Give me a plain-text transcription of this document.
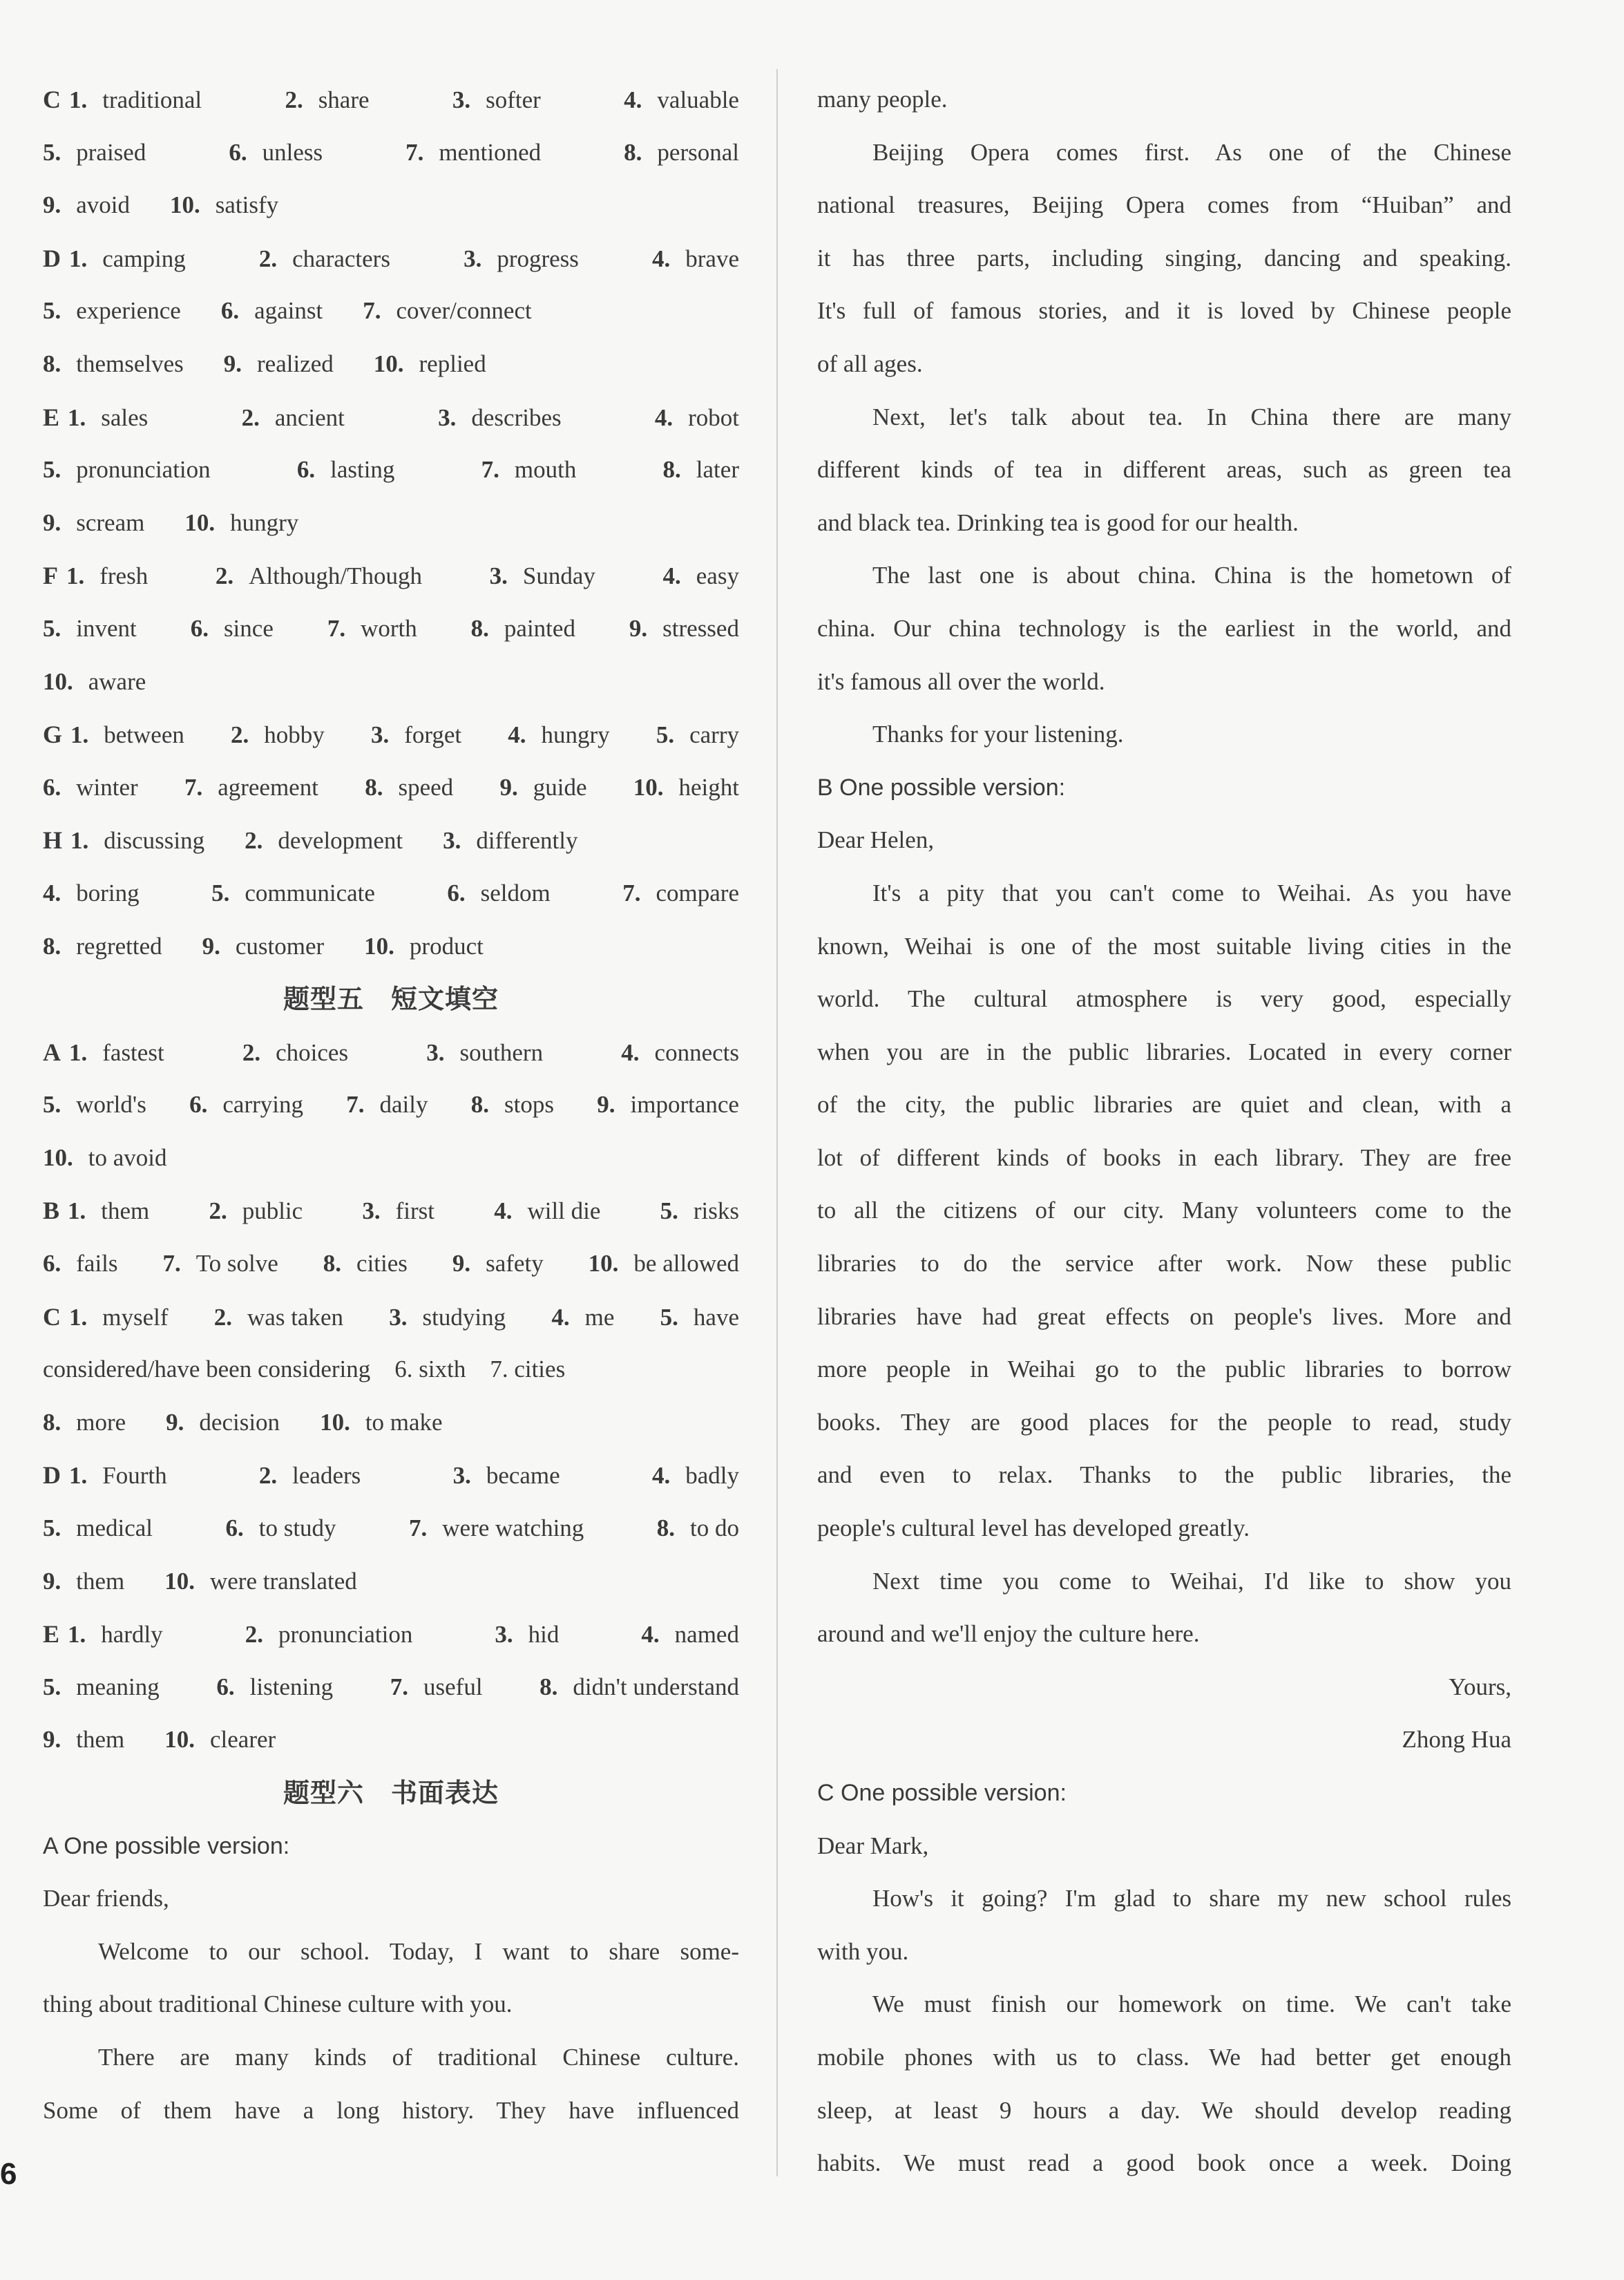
C 1. traditional	2. share	3. softer	4. valuable
5. praised	6. unless	7. mentioned	8. personal
9. avoid 10. satisfy
D 1. camping	2. characters	3. progress	4. brave
5. experience 6. against 7. cover/connect
8. themselves 9. realized 10. replied
E 1. sales	2. ancient	3. describes	4. robot
5. pronunciation	6. lasting	7. mouth	8. later
9. scream 10. hungry
F 1. fresh	2. Although/Though	3. Sunday	4. easy
5. invent 6. since 7. worth 8. painted 9. stressed
10. aware
G 1. between 2. hobby 3. forget 4. hungry 5. carry
6. winter 7. agreement 8. speed 9. guide 10. height
H 1. discussing 2. development 3. differently
4. boring	5. communicate	6. seldom	7. compare
8. regretted 9. customer 10. product
题型五　短文填空
A 1. fastest	2. choices	3. southern	4. connects
5. world's 6. carrying 7. daily 8. stops 9. importance
10. to avoid
B 1. them 2. public 3. first 4. will die 5. risks
6. fails 7. To solve 8. cities 9. safety 10. be allowed
C 1. myself 2. was taken 3. studying 4. me 5. have
considered/have been considering　6. sixth　7. cities
8. more 9. decision 10. to make
D 1. Fourth	2. leaders	3. became	4. badly
5. medical	6. to study	7. were watching	8. to do
9. them 10. were translated
E 1. hardly	2. pronunciation	3. hid	4. named
5. meaning 6. listening 7. useful 8. didn't understand
9. them 10. clearer
题型六　书面表达
A One possible version:
Dear friends,
Welcome to our school. Today, I want to share some-
thing about traditional Chinese culture with you.
There are many kinds of traditional Chinese culture.
Some of them have a long history. They have influenced
many people.
Beijing Opera comes first. As one of the Chinese
national treasures, Beijing Opera comes from “Huiban” and
it has three parts, including singing, dancing and speaking.
It's full of famous stories, and it is loved by Chinese people
of all ages.
Next, let's talk about tea. In China there are many
different kinds of tea in different areas, such as green tea
and black tea. Drinking tea is good for our health.
The last one is about china. China is the hometown of
china. Our china technology is the earliest in the world, and
it's famous all over the world.
Thanks for your listening.
B One possible version:
Dear Helen,
It's a pity that you can't come to Weihai. As you have
known, Weihai is one of the most suitable living cities in the
world. The cultural atmosphere is very good, especially
when you are in the public libraries. Located in every corner
of the city, the public libraries are quiet and clean, with a
lot of different kinds of books in each library. They are free
to all the citizens of our city. Many volunteers come to the
libraries to do the service after work. Now these public
libraries have had great effects on people's lives. More and
more people in Weihai go to the public libraries to borrow
books. They are good places for the people to read, study
and even to relax. Thanks to the public libraries, the
people's cultural level has developed greatly.
Next time you come to Weihai, I'd like to show you
around and we'll enjoy the culture here.
Yours,
Zhong Hua
C One possible version:
Dear Mark,
How's it going? I'm glad to share my new school rules
with you.
We must finish our homework on time. We can't take
mobile phones with us to class. We had better get enough
sleep, at least 9 hours a day. We should develop reading
habits. We must read a good book once a week. Doing
6
